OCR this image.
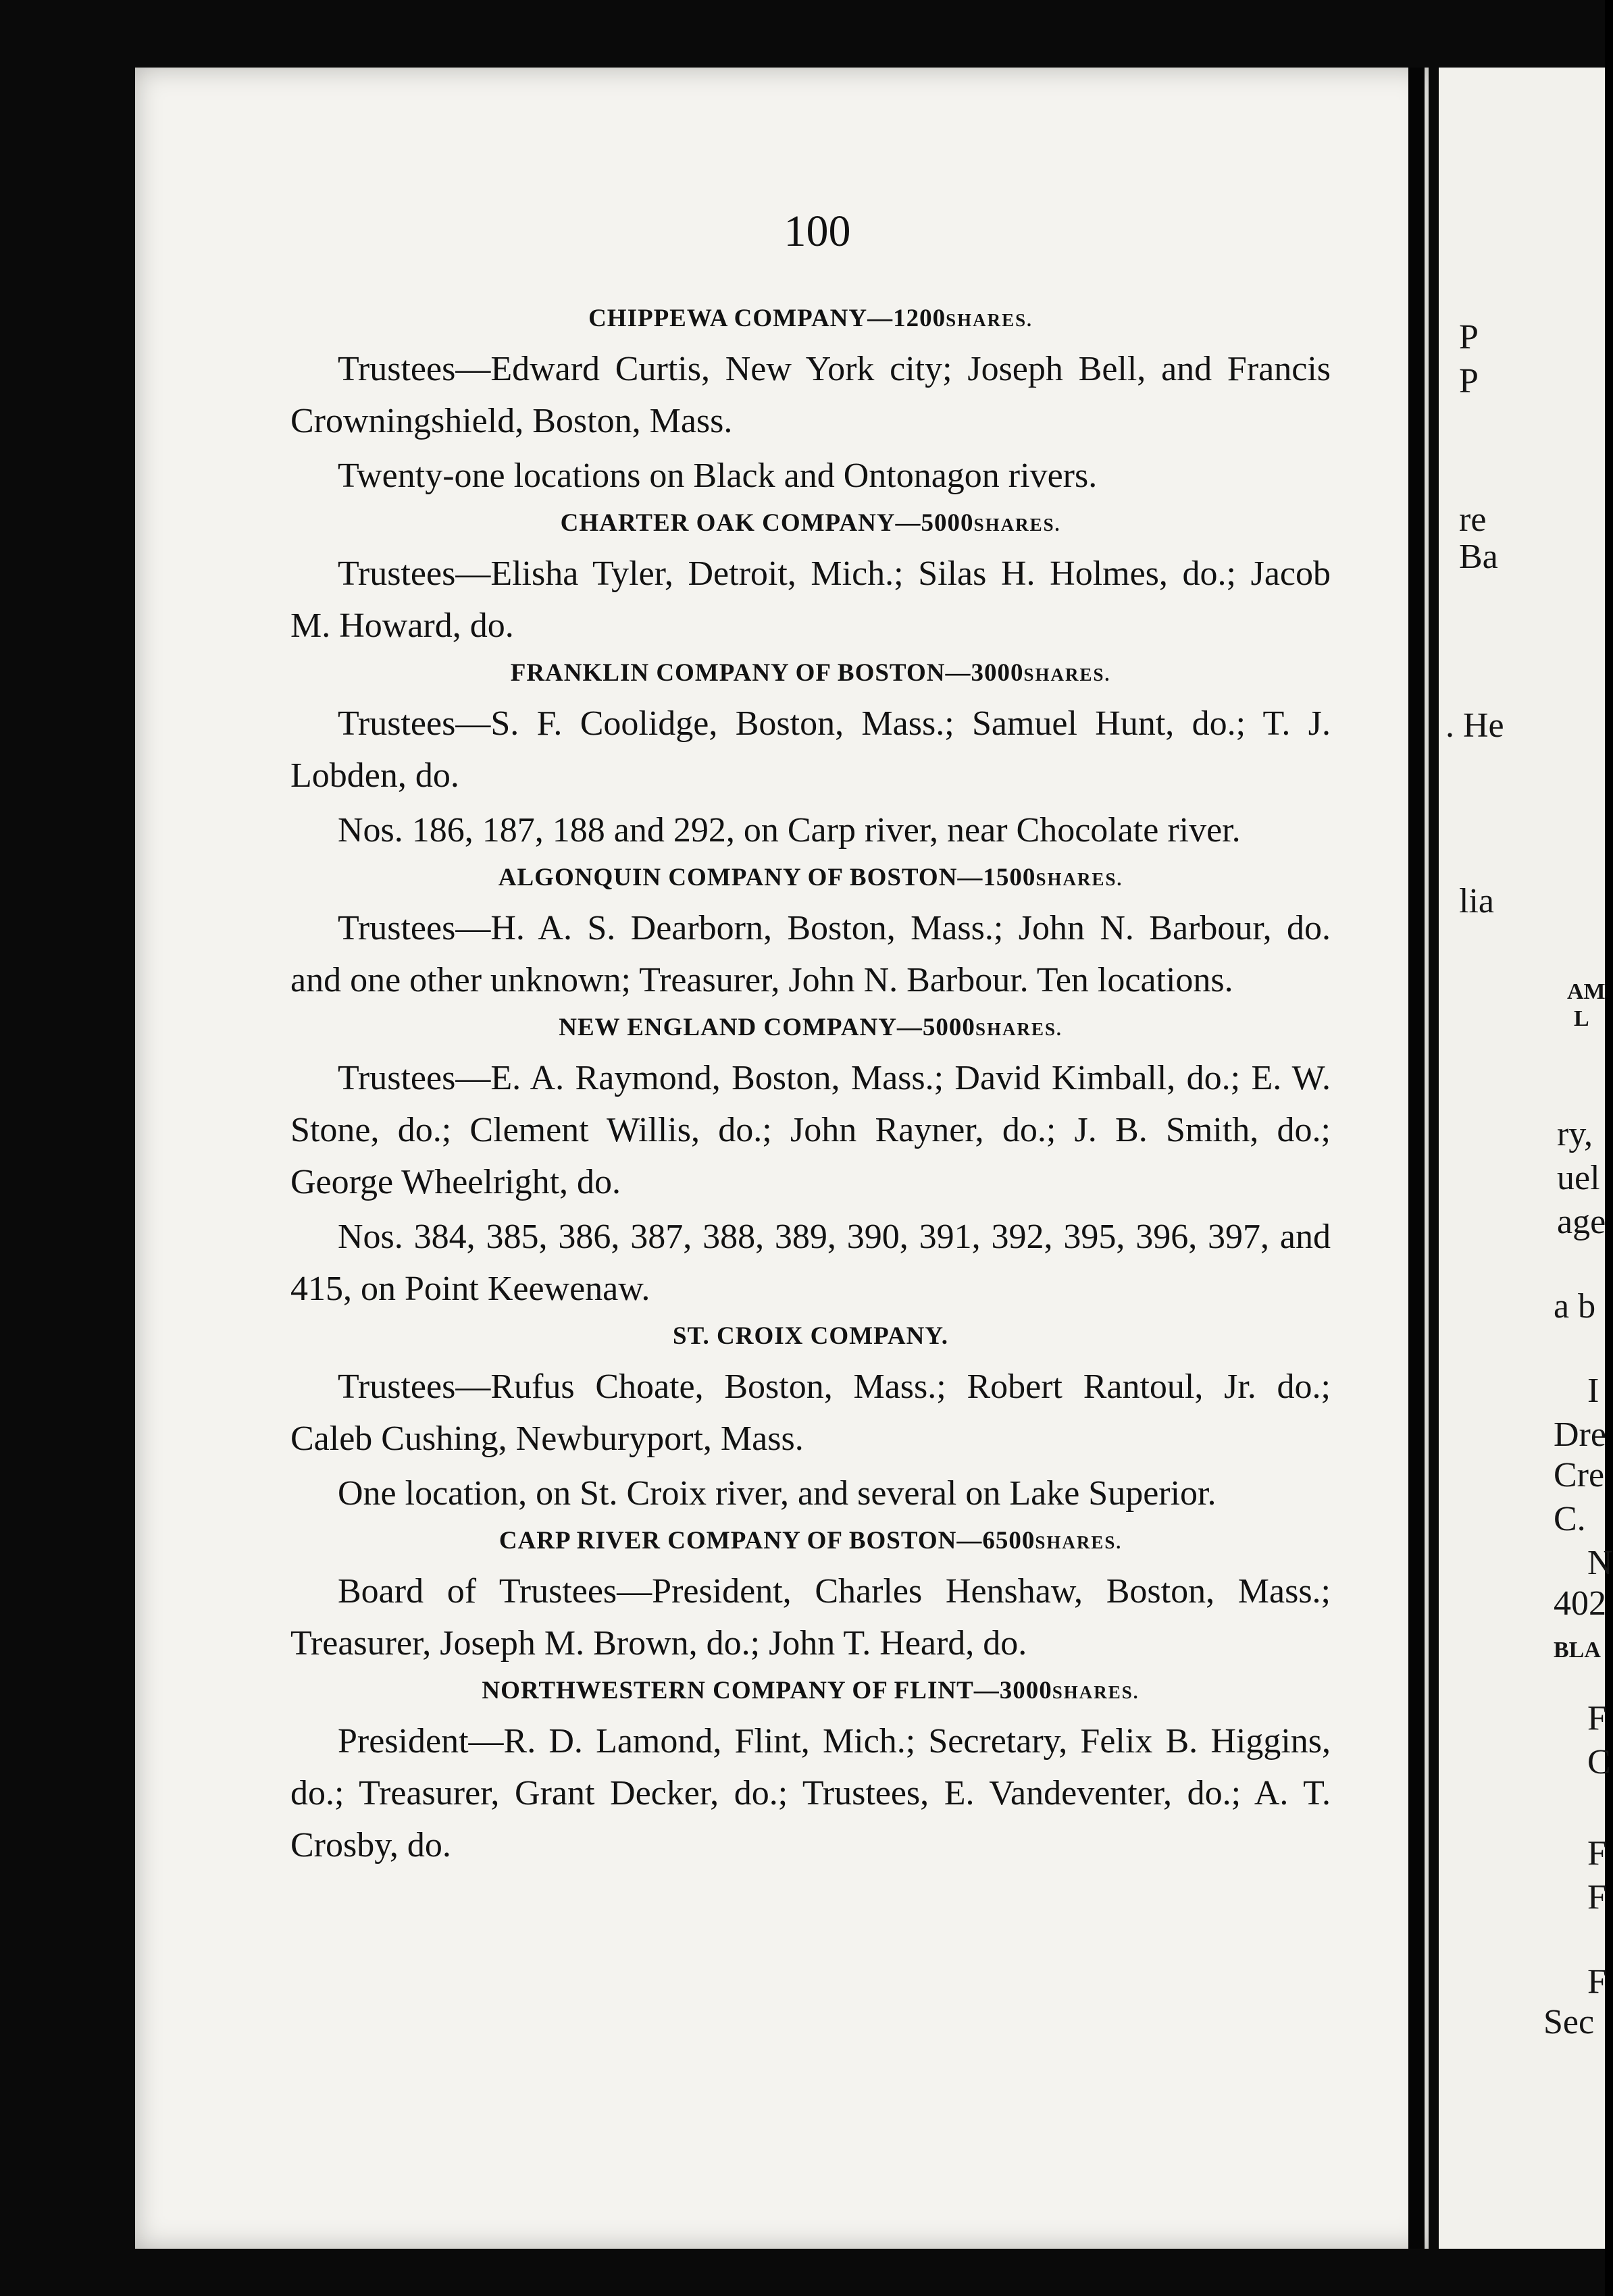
100
CHIPPEWA COMPANY—1200SHARES.

Trustees—Edward Curtis, New York city; Joseph Bell, and Francis Crowningshield, Boston, Mass.

Twenty-one locations on Black and Ontonagon rivers.

CHARTER OAK COMPANY—5000SHARES.

Trustees—Elisha Tyler, Detroit, Mich.; Silas H. Holmes, do.; Jacob M. Howard, do.

FRANKLIN COMPANY OF BOSTON—3000SHARES.

Trustees—S. F. Coolidge, Boston, Mass.; Samuel Hunt, do.; T. J. Lobden, do.

Nos. 186, 187, 188 and 292, on Carp river, near Chocolate river.

ALGONQUIN COMPANY OF BOSTON—1500SHARES.

Trustees—H. A. S. Dearborn, Boston, Mass.; John N. Barbour, do. and one other unknown; Treasurer, John N. Barbour. Ten locations.

NEW ENGLAND COMPANY—5000SHARES.

Trustees—E. A. Raymond, Boston, Mass.; David Kimball, do.; E. W. Stone, do.; Clement Willis, do.; John Rayner, do.; J. B. Smith, do.; George Wheelright, do.

Nos. 384, 385, 386, 387, 388, 389, 390, 391, 392, 395, 396, 397, and 415, on Point Keewenaw.

ST. CROIX COMPANY.

Trustees—Rufus Choate, Boston, Mass.; Robert Rantoul, Jr. do.; Caleb Cushing, Newburyport, Mass.

One location, on St. Croix river, and several on Lake Superior.

CARP RIVER COMPANY OF BOSTON—6500SHARES.

Board of Trustees—President, Charles Henshaw, Boston, Mass.; Treasurer, Joseph M. Brown, do.; John T. Heard, do.

NORTHWESTERN COMPANY OF FLINT—3000SHARES.

President—R. D. Lamond, Flint, Mich.; Secretary, Felix B. Higgins, do.; Treasurer, Grant Decker, do.; Trustees, E. Vandeventer, do.; A. T. Crosby, do.

P
P
re
Ba
. He
lia
AM
L
ry,
uel
age
a b
I
Dre
Cre
C.
N
402
BLA
F
C
F
F
F
Sec
